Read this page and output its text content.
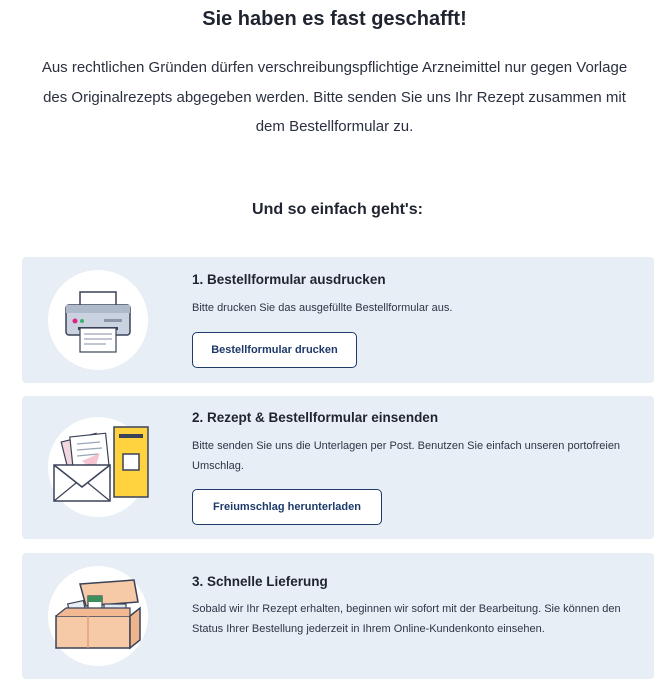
Sie haben es fast geschafft!
Aus rechtlichen Gründen dürfen verschreibungspflichtige Arzneimittel nur gegen Vorlage des Originalrezepts abgegeben werden. Bitte senden Sie uns Ihr Rezept zusammen mit dem Bestellformular zu.
Und so einfach geht's:
1. Bestellformular ausdrucken
Bitte drucken Sie das ausgefüllte Bestellformular aus.
Bestellformular drucken
2. Rezept & Bestellformular einsenden
Bitte senden Sie uns die Unterlagen per Post. Benutzen Sie einfach unseren portofreien Umschlag.
Freiumschlag herunterladen
3. Schnelle Lieferung
Sobald wir Ihr Rezept erhalten, beginnen wir sofort mit der Bearbeitung. Sie können den Status Ihrer Bestellung jederzeit in Ihrem Online-Kundenkonto einsehen.
